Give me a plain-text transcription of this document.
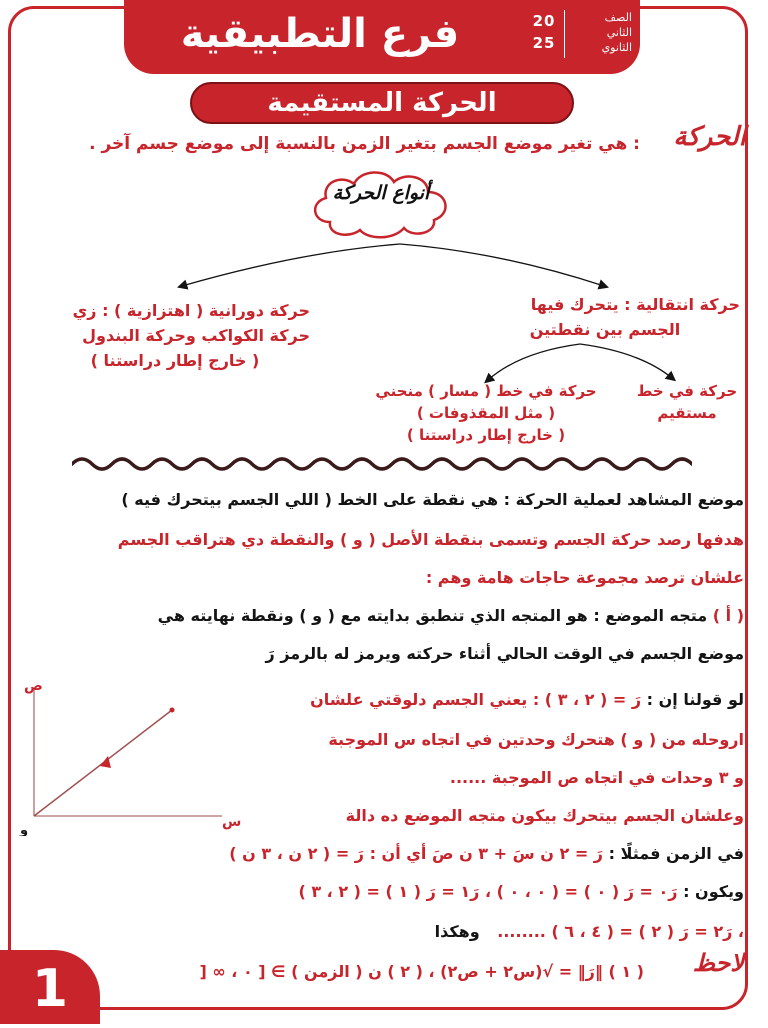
فرع التطبيقية	الصف
الثاني
الثانوي
20
25
الحركة المستقيمة
الحركة
: هي تغير موضع الجسم بتغير الزمن بالنسبة إلى موضع جسم آخر .
أنواع الحركة
حركة دورانية ( اهتزازية ) : زي
حركة الكواكب وحركة البندول
( خارج إطار دراستنا )
حركة انتقالية : يتحرك فيها
الجسم بين نقطتين
حركة في خط
مستقيم
حركة في خط ( مسار ) منحني
( مثل المقذوفات )
( خارج إطار دراستنا )
موضع المشاهد لعملية الحركة : هي نقطة على الخط ( اللي الجسم بيتحرك فيه )
هدفها رصد حركة الجسم وتسمى بنقطة الأصل ( و ) والنقطة دي هتراقب الجسم
علشان ترصد مجموعة حاجات هامة وهم :
( أ ) متجه الموضع : هو المتجه الذي تنطبق بدايته مع ( و ) ونقطة نهايته هي
موضع الجسم في الوقت الحالي أثناء حركته ويرمز له بالرمز رَ
لو قولنا إن : رَ = ( ٢ ، ٣ ) : يعني الجسم دلوقتي علشان
اروحله من ( و ) هتحرك وحدتين في اتجاه س الموجبة
و ٣ وحدات في اتجاه ص الموجبة ......
وعلشان الجسم بيتحرك بيكون متجه الموضع ده دالة
في الزمن فمثلًا : رَ = ٢ ن سَ + ٣ ن صَ أي أن : رَ = ( ٢ ن ، ٣ ن )
ويكون : رَ٠ = رَ ( ٠ ) = ( ٠ ، ٠ ) ، رَ١ = رَ ( ١ ) = ( ٢ ، ٣ )
، رَ٢ = رَ ( ٢ ) = ( ٤ ، ٦ ) ........ وهكذا
ص
س
و
لاحظ
( ١ ) ‖رَ‖ = √(س٢ + ص٢) ، ( ٢ ) ن ( الزمن ) ∋ [ ٠ ، ∞ [
1
